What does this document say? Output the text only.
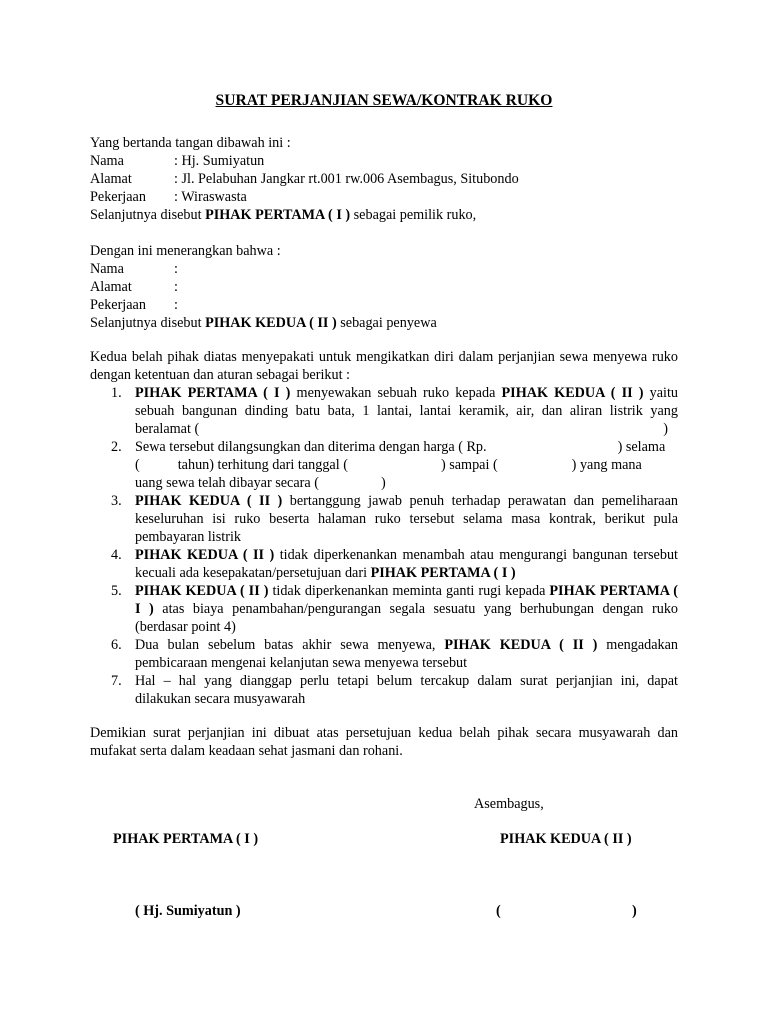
SURAT PERJANJIAN SEWA/KONTRAK RUKO
Yang bertanda tangan dibawah ini :
Nama	: Hj. Sumiyatun
Alamat	: Jl. Pelabuhan Jangkar rt.001 rw.006 Asembagus, Situbondo
Pekerjaan : Wiraswasta
Selanjutnya disebut PIHAK PERTAMA ( I ) sebagai pemilik ruko,
Dengan ini menerangkan bahwa :
Nama	:
Alamat	:
Pekerjaan :
Selanjutnya disebut PIHAK KEDUA ( II ) sebagai penyewa
Kedua belah pihak diatas menyepakati untuk mengikatkan diri dalam perjanjian sewa menyewa ruko dengan ketentuan dan aturan sebagai berikut :
1. PIHAK PERTAMA ( I ) menyewakan sebuah ruko kepada PIHAK KEDUA ( II ) yaitu sebuah bangunan dinding batu bata, 1 lantai, lantai keramik, air, dan aliran listrik yang beralamat (	)
2. Sewa tersebut dilangsungkan dan diterima dengan harga ( Rp.	) selama
(	tahun) terhitung dari tanggal (	) sampai (	) yang mana
uang sewa telah dibayar secara (	)
3. PIHAK KEDUA ( II ) bertanggung jawab penuh terhadap perawatan dan pemeliharaan keseluruhan isi ruko beserta halaman ruko tersebut selama masa kontrak, berikut pula pembayaran listrik
4. PIHAK KEDUA ( II ) tidak diperkenankan menambah atau mengurangi bangunan tersebut kecuali ada kesepakatan/persetujuan dari PIHAK PERTAMA ( I )
5. PIHAK KEDUA ( II ) tidak diperkenankan meminta ganti rugi kepada PIHAK PERTAMA ( I ) atas biaya penambahan/pengurangan segala sesuatu yang berhubungan dengan ruko (berdasar point 4)
6. Dua bulan sebelum batas akhir sewa menyewa, PIHAK KEDUA ( II ) mengadakan pembicaraan mengenai kelanjutan sewa menyewa tersebut
7. Hal – hal yang dianggap perlu tetapi belum tercakup dalam surat perjanjian ini, dapat dilakukan secara musyawarah
Demikian surat perjanjian ini dibuat atas persetujuan kedua belah pihak secara musyawarah dan mufakat serta dalam keadaan sehat jasmani dan rohani.
Asembagus,
PIHAK PERTAMA ( I )	PIHAK KEDUA ( II )
( Hj. Sumiyatun )	(	)
